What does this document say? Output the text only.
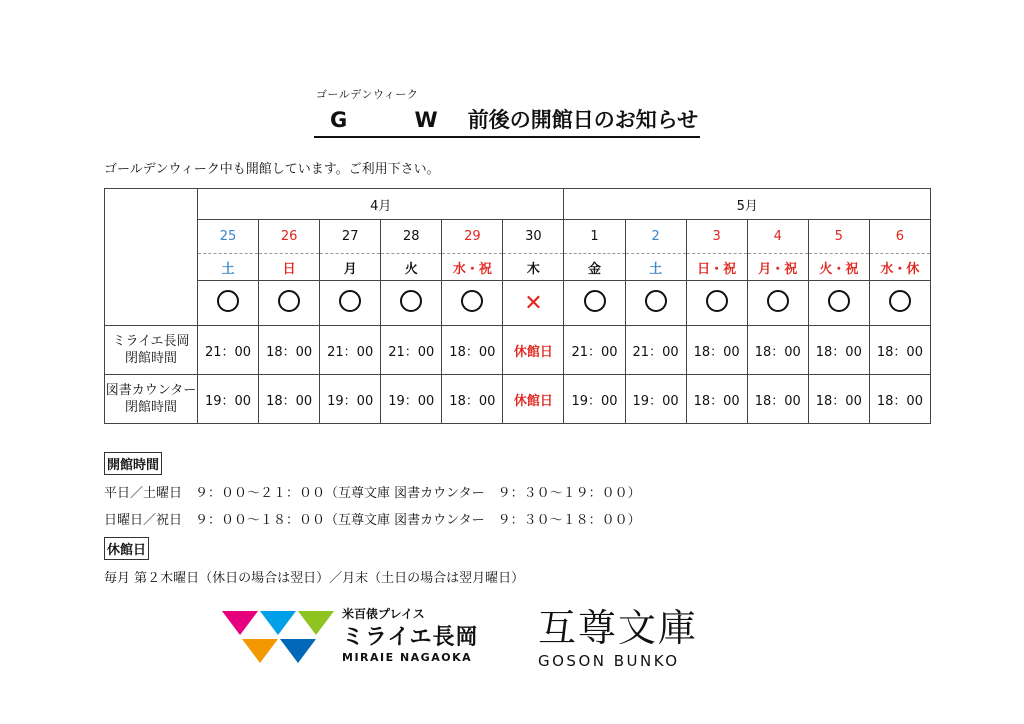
ゴールデンウィーク
G W前後の開館日のお知らせ
ゴールデンウィーク中も開館しています。ご利用下さい。
	4月						5月					
	25	26	27	28	29	30	1	2	3	4	5	6
	土	日	月	火	水・祝	木	金	土	日・祝	月・祝	火・祝	水・休
						✕						

ミライエ長岡
閉館時間	21：00	18：00	21：00	21：00	18：00	休館日	21：00	21：00	18：00	18：00	18：00	18：00

図書カウンター
閉館時間	19：00	18：00	19：00	19：00	18：00	休館日	19：00	19：00	18：00	18：00	18：00	18：00
開館時間
平日／土曜日　９：００～２１：００（互尊文庫 図書カウンター　９：３０～１９：００）
日曜日／祝日　９：００～１８：００（互尊文庫 図書カウンター　９：３０～１８：００）
休館日
毎月 第２木曜日（休日の場合は翌日）／月末（土日の場合は翌月曜日）
米百俵プレイス
ミライエ長岡
MIRAIE NAGAOKA
互尊文庫
GOSON BUNKO
